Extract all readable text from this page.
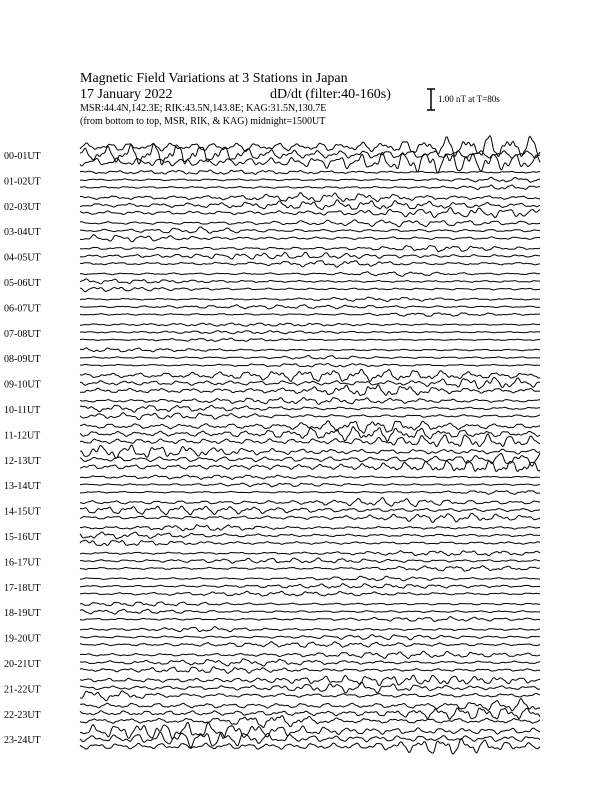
Magnetic Field Variations at 3 Stations in Japan
17 January 2022	dD/dt (filter:40-160s)
MSR:44.4N,142.3E; RIK:43.5N,143.8E; KAG:31.5N,130.7E
(from bottom to top, MSR, RIK, & KAG) midnight=1500UT
1.00 nT at T=80s
00-01UT
01-02UT
02-03UT
03-04UT
04-05UT
05-06UT
06-07UT
07-08UT
08-09UT
09-10UT
10-11UT
11-12UT
12-13UT
13-14UT
14-15UT
15-16UT
16-17UT
17-18UT
18-19UT
19-20UT
20-21UT
21-22UT
22-23UT
23-24UT
